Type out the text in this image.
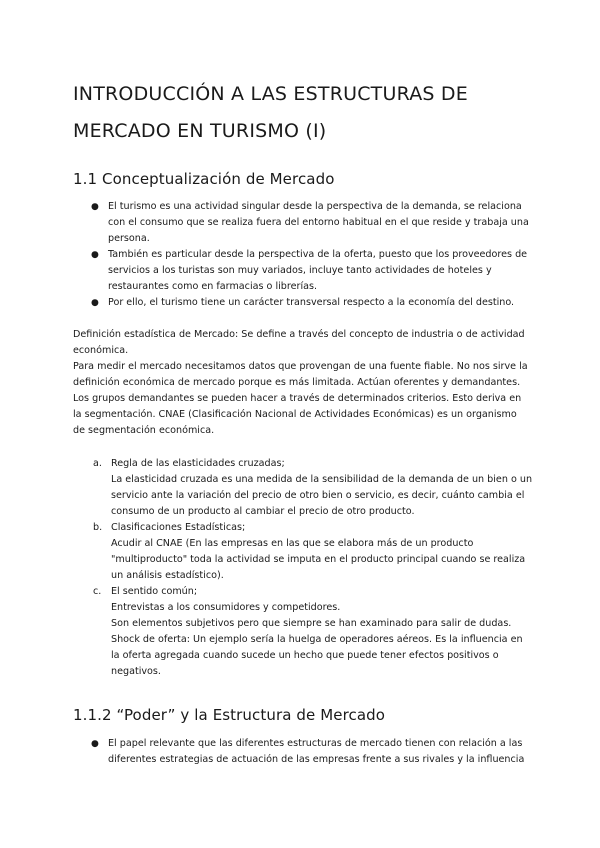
INTRODUCCIÓN A LAS ESTRUCTURAS DE
MERCADO EN TURISMO (I)
1.1 Conceptualización de Mercado
● El turismo es una actividad singular desde la perspectiva de la demanda, se relaciona con el consumo que se realiza fuera del entorno habitual en el que reside y trabaja una persona.
● También es particular desde la perspectiva de la oferta, puesto que los proveedores de servicios a los turistas son muy variados, incluye tanto actividades de hoteles y restaurantes como en farmacias o librerías.
● Por ello, el turismo tiene un carácter transversal respecto a la economía del destino.

Definición estadística de Mercado: Se define a través del concepto de industria o de actividad económica.
Para medir el mercado necesitamos datos que provengan de una fuente fiable. No nos sirve la definición económica de mercado porque es más limitada. Actúan oferentes y demandantes.
Los grupos demandantes se pueden hacer a través de determinados criterios. Esto deriva en la segmentación. CNAE (Clasificación Nacional de Actividades Económicas) es un organismo de segmentación económica.

a. Regla de las elasticidades cruzadas;
La elasticidad cruzada es una medida de la sensibilidad de la demanda de un bien o un servicio ante la variación del precio de otro bien o servicio, es decir, cuánto cambia el consumo de un producto al cambiar el precio de otro producto.
b. Clasificaciones Estadísticas;
Acudir al CNAE (En las empresas en las que se elabora más de un producto "multiproducto" toda la actividad se imputa en el producto principal cuando se realiza un análisis estadístico).
c. El sentido común;
Entrevistas a los consumidores y competidores.
Son elementos subjetivos pero que siempre se han examinado para salir de dudas.
Shock de oferta: Un ejemplo sería la huelga de operadores aéreos. Es la influencia en la oferta agregada cuando sucede un hecho que puede tener efectos positivos o negativos.
1.1.2 “Poder” y la Estructura de Mercado
● El papel relevante que las diferentes estructuras de mercado tienen con relación a las diferentes estrategias de actuación de las empresas frente a sus rivales y la influencia
